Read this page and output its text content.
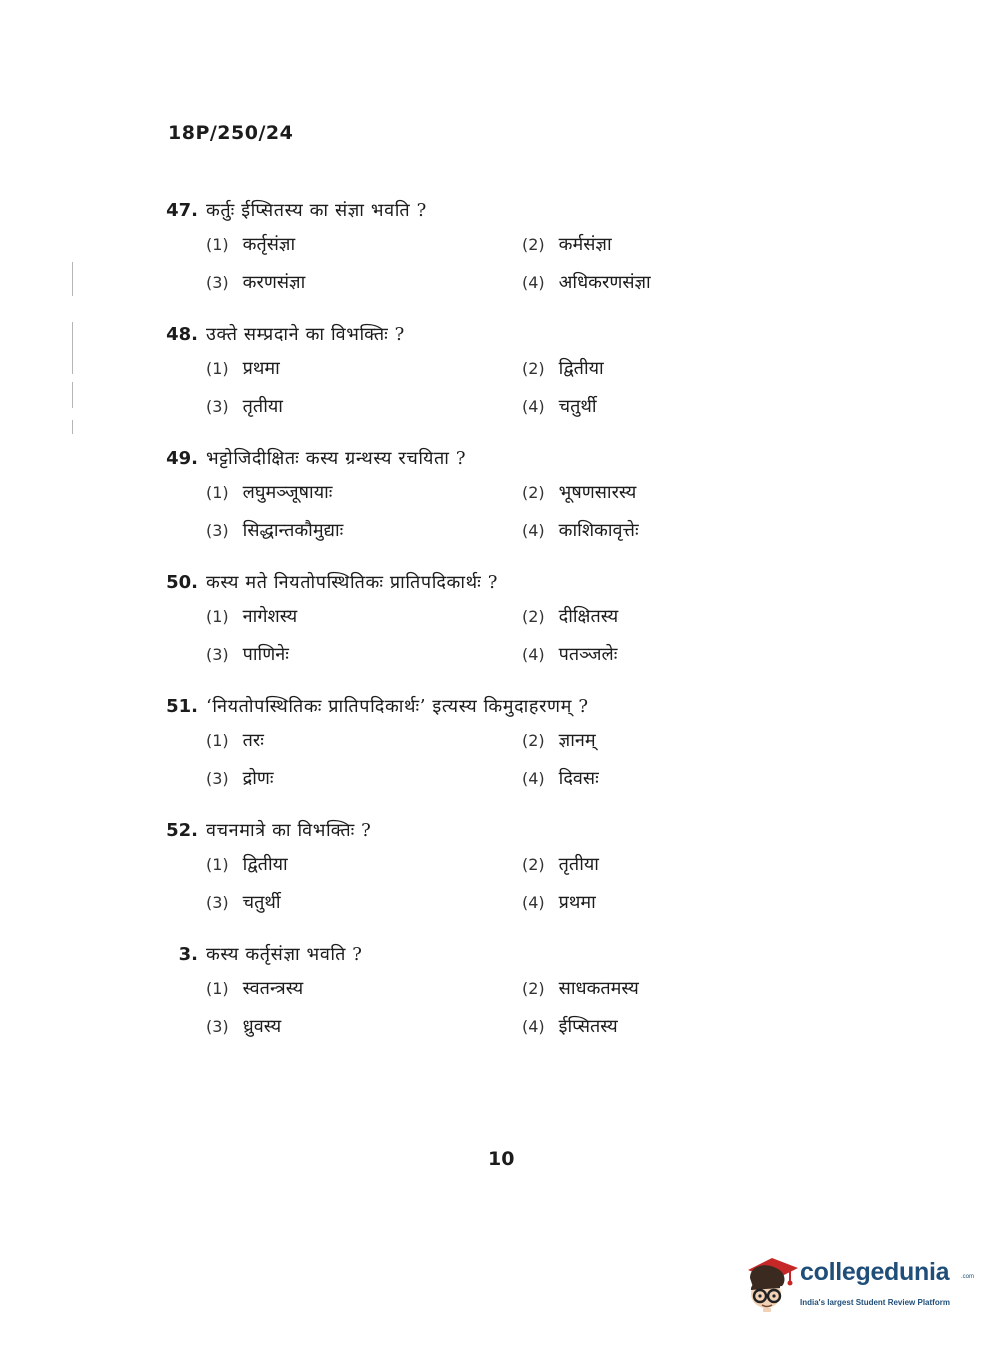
18P/250/24
47. कर्तुः ईप्सितस्य का संज्ञा भवति ?
(1) कर्तृसंज्ञा	(2) कर्मसंज्ञा
(3) करणसंज्ञा	(4) अधिकरणसंज्ञा
48. उक्ते सम्प्रदाने का विभक्तिः ?
(1) प्रथमा	(2) द्वितीया
(3) तृतीया	(4) चतुर्थी
49. भट्टोजिदीक्षितः कस्य ग्रन्थस्य रचयिता ?
(1) लघुमञ्जूषायाः	(2) भूषणसारस्य
(3) सिद्धान्तकौमुद्याः	(4) काशिकावृत्तेः
50. कस्य मते नियतोपस्थितिकः प्रातिपदिकार्थः ?
(1) नागेशस्य	(2) दीक्षितस्य
(3) पाणिनेः	(4) पतञ्जलेः
51. ‘नियतोपस्थितिकः प्रातिपदिकार्थः’ इत्यस्य किमुदाहरणम् ?
(1) तरः	(2) ज्ञानम्
(3) द्रोणः	(4) दिवसः
52. वचनमात्रे का विभक्तिः ?
(1) द्वितीया	(2) तृतीया
(3) चतुर्थी	(4) प्रथमा
3. कस्य कर्तृसंज्ञा भवति ?
(1) स्वतन्त्रस्य	(2) साधकतमस्य
(3) ध्रुवस्य	(4) ईप्सितस्य
10
collegedunia .com
India's largest Student Review Platform
